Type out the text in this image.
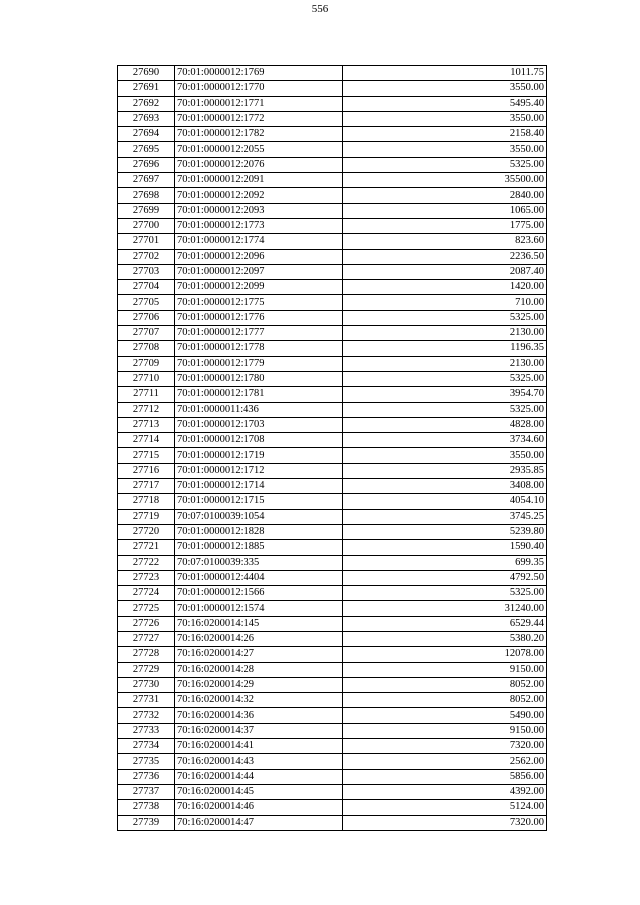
556
27690	70:01:0000012:1769	1011.75
27691	70:01:0000012:1770	3550.00
27692	70:01:0000012:1771	5495.40
27693	70:01:0000012:1772	3550.00
27694	70:01:0000012:1782	2158.40
27695	70:01:0000012:2055	3550.00
27696	70:01:0000012:2076	5325.00
27697	70:01:0000012:2091	35500.00
27698	70:01:0000012:2092	2840.00
27699	70:01:0000012:2093	1065.00
27700	70:01:0000012:1773	1775.00
27701	70:01:0000012:1774	823.60
27702	70:01:0000012:2096	2236.50
27703	70:01:0000012:2097	2087.40
27704	70:01:0000012:2099	1420.00
27705	70:01:0000012:1775	710.00
27706	70:01:0000012:1776	5325.00
27707	70:01:0000012:1777	2130.00
27708	70:01:0000012:1778	1196.35
27709	70:01:0000012:1779	2130.00
27710	70:01:0000012:1780	5325.00
27711	70:01:0000012:1781	3954.70
27712	70:01:0000011:436	5325.00
27713	70:01:0000012:1703	4828.00
27714	70:01:0000012:1708	3734.60
27715	70:01:0000012:1719	3550.00
27716	70:01:0000012:1712	2935.85
27717	70:01:0000012:1714	3408.00
27718	70:01:0000012:1715	4054.10
27719	70:07:0100039:1054	3745.25
27720	70:01:0000012:1828	5239.80
27721	70:01:0000012:1885	1590.40
27722	70:07:0100039:335	699.35
27723	70:01:0000012:4404	4792.50
27724	70:01:0000012:1566	5325.00
27725	70:01:0000012:1574	31240.00
27726	70:16:0200014:145	6529.44
27727	70:16:0200014:26	5380.20
27728	70:16:0200014:27	12078.00
27729	70:16:0200014:28	9150.00
27730	70:16:0200014:29	8052.00
27731	70:16:0200014:32	8052.00
27732	70:16:0200014:36	5490.00
27733	70:16:0200014:37	9150.00
27734	70:16:0200014:41	7320.00
27735	70:16:0200014:43	2562.00
27736	70:16:0200014:44	5856.00
27737	70:16:0200014:45	4392.00
27738	70:16:0200014:46	5124.00
27739	70:16:0200014:47	7320.00
